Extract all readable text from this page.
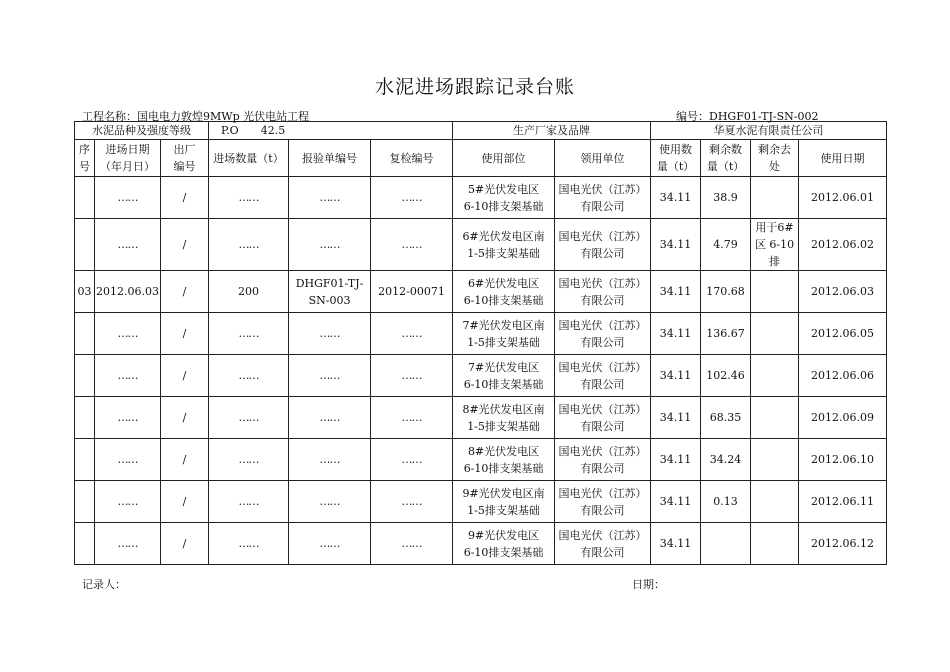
水泥进场跟踪记录台账
工程名称：国电电力敦煌9MWp 光伏电站工程	编号：DHGF01-TJ-SN-002
水泥品种及强度等级			P.O　　42.5			生产厂家及品牌		华夏水泥有限责任公司			

序
号	进场日期
（年月日）	出厂
编号	进场数量（t）	报验单编号	复检编号	使用部位	领用单位	使用数
量（t）	剩余数
量（t）	剩余去
处	使用日期
	……	/	……	……	……	5#光伏发电区
6-10排支架基础	国电光伏（江苏）
有限公司	34.11	38.9		2012.06.01
	……	/	……	……	……	6#光伏发电区南
1-5排支架基础	国电光伏（江苏）
有限公司	34.11	4.79	用于6#区 6-10排	2012.06.02
03	2012.06.03	/	200	DHGF01-TJ-SN-003	2012-00071	6#光伏发电区
6-10排支架基础	国电光伏（江苏）
有限公司	34.11	170.68		2012.06.03
	……	/	……	……	……	7#光伏发电区南
1-5排支架基础	国电光伏（江苏）
有限公司	34.11	136.67		2012.06.05
	……	/	……	……	……	7#光伏发电区
6-10排支架基础	国电光伏（江苏）
有限公司	34.11	102.46		2012.06.06
	……	/	……	……	……	8#光伏发电区南
1-5排支架基础	国电光伏（江苏）
有限公司	34.11	68.35		2012.06.09
	……	/	……	……	……	8#光伏发电区
6-10排支架基础	国电光伏（江苏）
有限公司	34.11	34.24		2012.06.10
	……	/	……	……	……	9#光伏发电区南
1-5排支架基础	国电光伏（江苏）
有限公司	34.11	0.13		2012.06.11
	……	/	……	……	……	9#光伏发电区
6-10排支架基础	国电光伏（江苏）
有限公司	34.11			2012.06.12
记录人：	日期：
